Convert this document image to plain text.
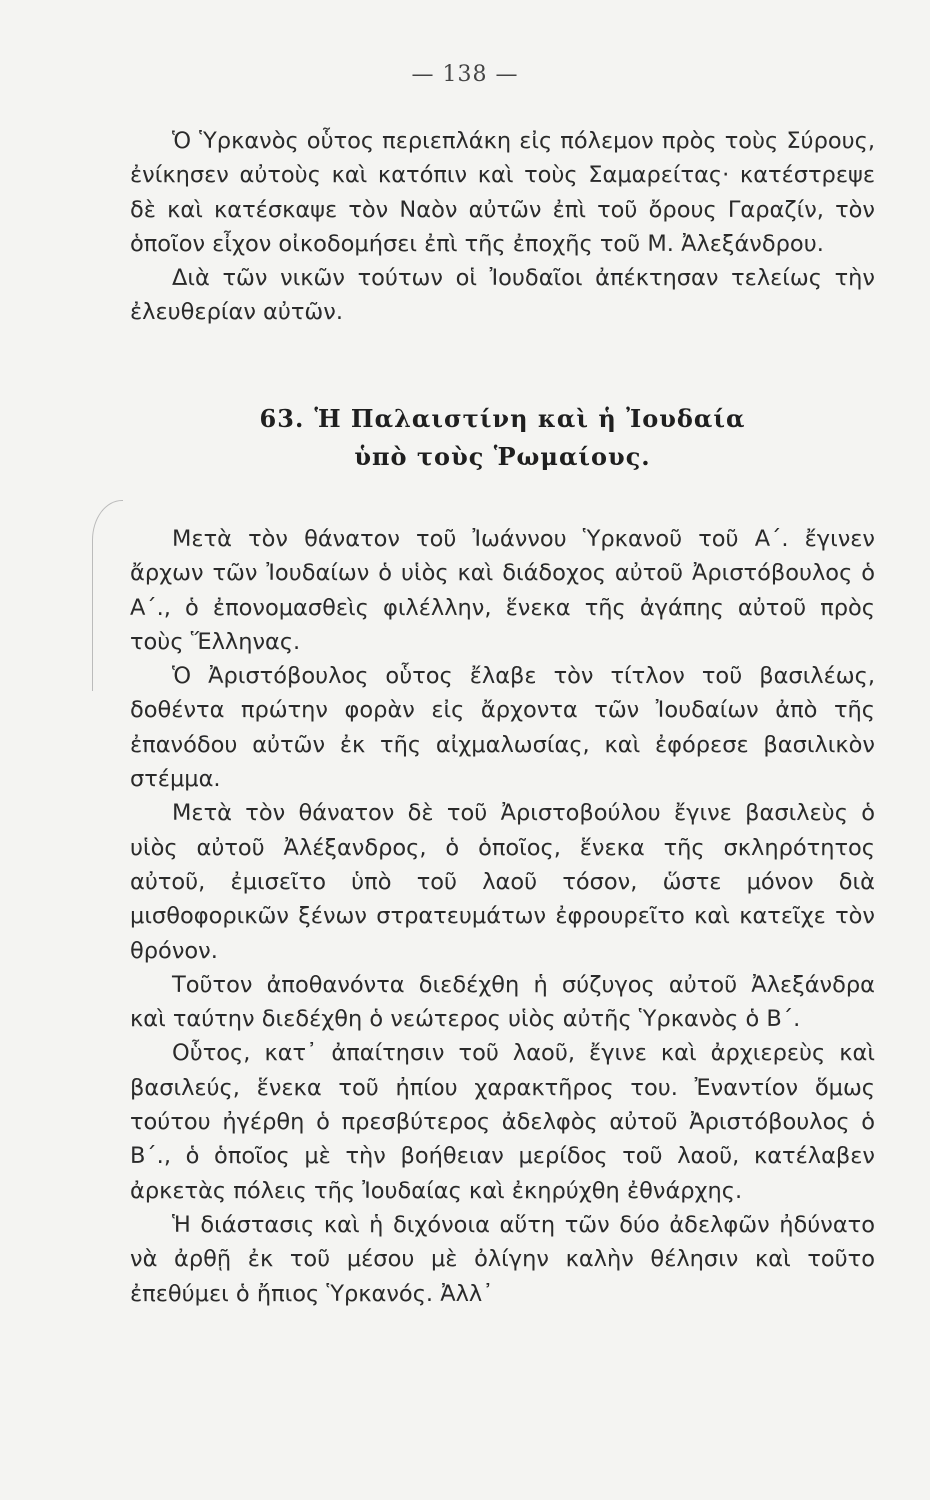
— 138 —

Ὁ Ὑρκανὸς οὗτος περιεπλάκη εἰς πόλεμον πρὸς τοὺς Σύρους, ἐνίκησεν αὐτοὺς καὶ κατόπιν καὶ τοὺς Σαμαρείτας· κατέστρεψε δὲ καὶ κατέσκαψε τὸν Ναὸν αὐτῶν ἐπὶ τοῦ ὄρους Γαραζίν, τὸν ὁποῖον εἶχον οἰκοδομήσει ἐπὶ τῆς ἐποχῆς τοῦ Μ. Ἀλεξάνδρου.

Διὰ τῶν νικῶν τούτων οἱ Ἰουδαῖοι ἀπέκτησαν τελείως τὴν ἐλευθερίαν αὐτῶν.

63. Ἡ Παλαιστίνη καὶ ἡ Ἰουδαία
ὑπὸ τοὺς Ῥωμαίους.

Μετὰ τὸν θάνατον τοῦ Ἰωάννου Ὑρκανοῦ τοῦ Α΄. ἔγινεν ἄρχων τῶν Ἰουδαίων ὁ υἱὸς καὶ διάδοχος αὐτοῦ Ἀριστόβουλος ὁ Α΄., ὁ ἐπονομασθεὶς φιλέλλην, ἕνεκα τῆς ἀγάπης αὐτοῦ πρὸς τοὺς Ἕλληνας.

Ὁ Ἀριστόβουλος οὗτος ἔλαβε τὸν τίτλον τοῦ βασιλέως, δοθέντα πρώτην φορὰν εἰς ἄρχοντα τῶν Ἰουδαίων ἀπὸ τῆς ἐπανόδου αὐτῶν ἐκ τῆς αἰχμαλωσίας, καὶ ἐφόρεσε βασιλικὸν στέμμα.

Μετὰ τὸν θάνατον δὲ τοῦ Ἀριστοβούλου ἔγινε βασιλεὺς ὁ υἱὸς αὐτοῦ Ἀλέξανδρος, ὁ ὁποῖος, ἕνεκα τῆς σκληρότητος αὐτοῦ, ἐμισεῖτο ὑπὸ τοῦ λαοῦ τόσον, ὥστε μόνον διὰ μισθοφορικῶν ξένων στρατευμάτων ἐφρουρεῖτο καὶ κατεῖχε τὸν θρόνον.

Τοῦτον ἀποθανόντα διεδέχθη ἡ σύζυγος αὐτοῦ Ἀλεξάνδρα καὶ ταύτην διεδέχθη ὁ νεώτερος υἱὸς αὐτῆς Ὑρκανὸς ὁ Β΄.

Οὗτος, κατ᾽ ἀπαίτησιν τοῦ λαοῦ, ἔγινε καὶ ἀρχιερεὺς καὶ βασιλεύς, ἕνεκα τοῦ ἠπίου χαρακτῆρος του. Ἐναντίον ὅμως τούτου ἠγέρθη ὁ πρεσβύτερος ἀδελφὸς αὐτοῦ Ἀριστόβουλος ὁ Β΄., ὁ ὁποῖος μὲ τὴν βοήθειαν μερίδος τοῦ λαοῦ, κατέλαβεν ἀρκετὰς πόλεις τῆς Ἰουδαίας καὶ ἐκηρύχθη ἐθνάρχης.

Ἡ διάστασις καὶ ἡ διχόνοια αὕτη τῶν δύο ἀδελφῶν ἠδύνατο νὰ ἀρθῇ ἐκ τοῦ μέσου μὲ ὀλίγην καλὴν θέλησιν καὶ τοῦτο ἐπεθύμει ὁ ἤπιος Ὑρκανός. Ἀλλ᾽
